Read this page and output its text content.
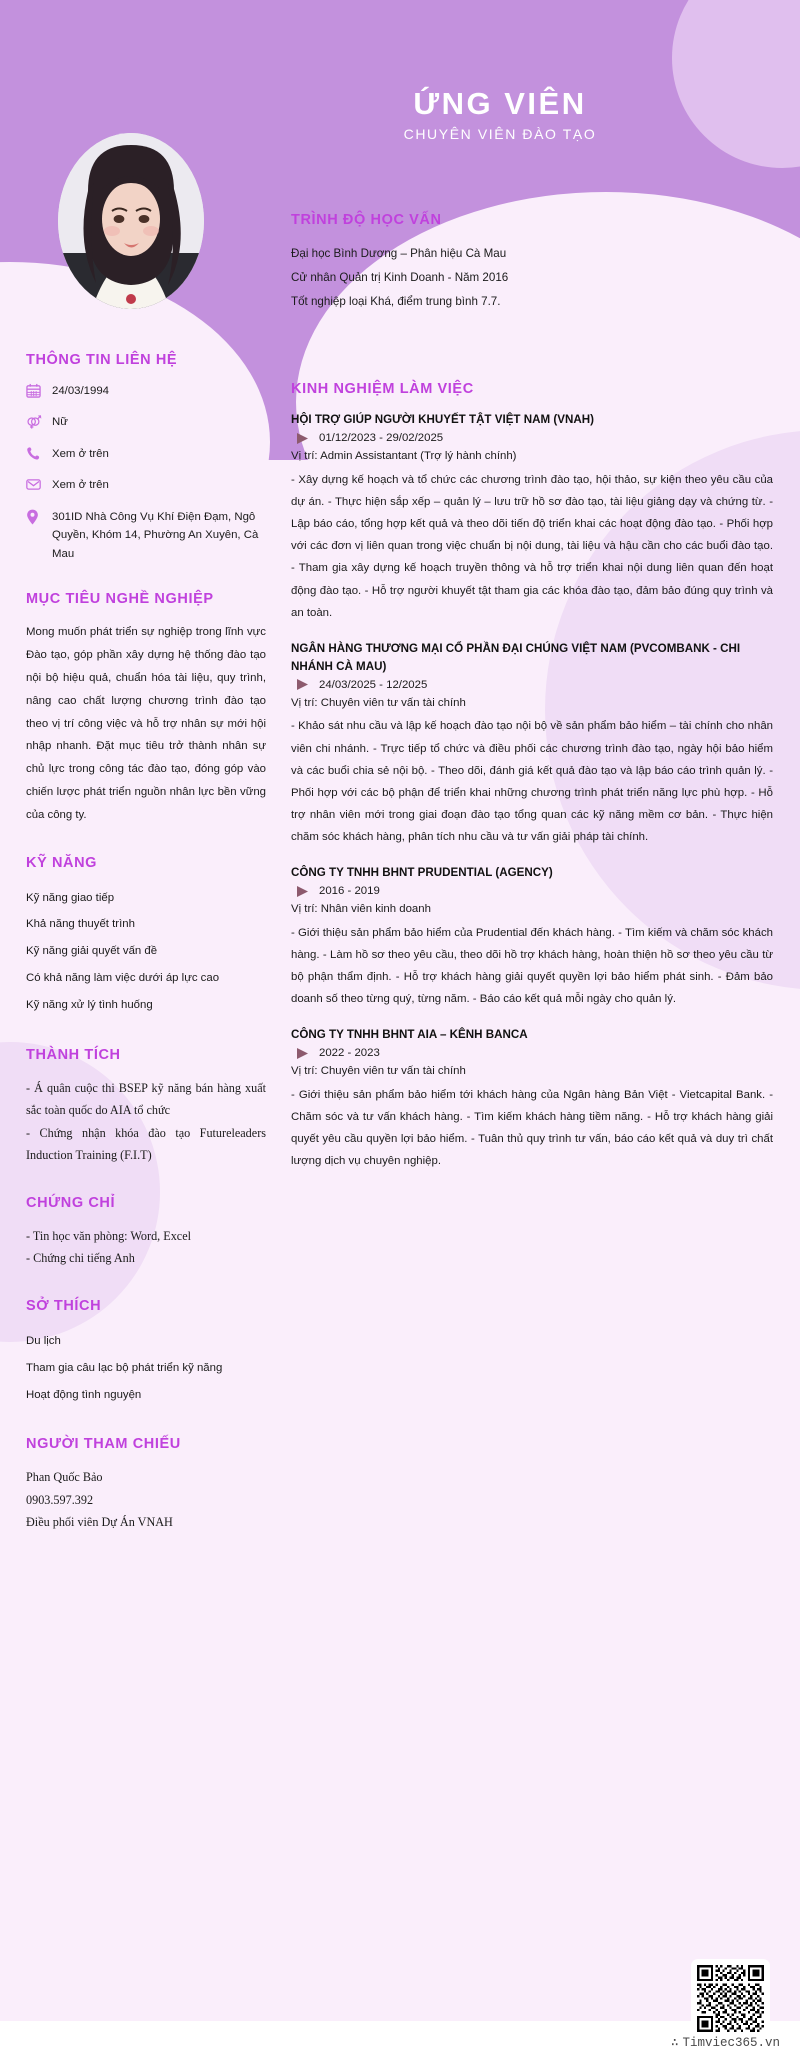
ỨNG VIÊN
CHUYÊN VIÊN ĐÀO TẠO
TRÌNH ĐỘ HỌC VẤN
Đại học Bình Dương – Phân hiệu Cà Mau
Cử nhân Quản trị Kinh Doanh - Năm 2016
Tốt nghiệp loại Khá, điểm trung bình 7.7.
KINH NGHIỆM LÀM VIỆC
HỘI TRỢ GIÚP NGƯỜI KHUYẾT TẬT VIỆT NAM (VNAH)
01/12/2023 - 29/02/2025
Vị trí: Admin Assistantant (Trợ lý hành chính)
- Xây dựng kế hoạch và tổ chức các chương trình đào tạo, hội thảo, sự kiện theo yêu cầu của dự án. - Thực hiện sắp xếp – quản lý – lưu trữ hồ sơ đào tạo, tài liệu giảng dạy và chứng từ. - Lập báo cáo, tổng hợp kết quả và theo dõi tiến độ triển khai các hoạt động đào tạo. - Phối hợp với các đơn vị liên quan trong việc chuẩn bị nội dung, tài liệu và hậu cần cho các buổi đào tạo. - Tham gia xây dựng kế hoạch truyền thông và hỗ trợ triển khai nội dung liên quan đến hoạt động đào tạo. - Hỗ trợ người khuyết tật tham gia các khóa đào tạo, đảm bảo đúng quy trình và an toàn.
NGÂN HÀNG THƯƠNG MẠI CỔ PHẦN ĐẠI CHÚNG VIỆT NAM (PVCOMBANK - CHI NHÁNH CÀ MAU)
24/03/2025 - 12/2025
Vị trí: Chuyên viên tư vấn tài chính
- Khảo sát nhu cầu và lập kế hoạch đào tạo nội bộ về sản phẩm bảo hiểm – tài chính cho nhân viên chi nhánh. - Trực tiếp tổ chức và điều phối các chương trình đào tạo, ngày hội bảo hiểm và các buổi chia sẻ nội bộ. - Theo dõi, đánh giá kết quả đào tạo và lập báo cáo trình quản lý. - Phối hợp với các bộ phận để triển khai những chương trình phát triển năng lực phù hợp. - Hỗ trợ nhân viên mới trong giai đoạn đào tạo tổng quan các kỹ năng mềm cơ bản. - Thực hiện chăm sóc khách hàng, phân tích nhu cầu và tư vấn giải pháp tài chính.
CÔNG TY TNHH BHNT PRUDENTIAL (AGENCY)
2016 - 2019
Vị trí: Nhân viên kinh doanh
- Giới thiệu sản phẩm bảo hiểm của Prudential đến khách hàng. - Tìm kiếm và chăm sóc khách hàng. - Làm hồ sơ theo yêu cầu, theo dõi hồ trợ khách hàng, hoàn thiện hồ sơ theo yêu cầu từ bộ phận thẩm định. - Hỗ trợ khách hàng giải quyết quyền lợi bảo hiểm phát sinh. - Đảm bảo doanh số theo từng quý, từng năm. - Báo cáo kết quả mỗi ngày cho quản lý.
CÔNG TY TNHH BHNT AIA – KÊNH BANCA
2022 - 2023
Vị trí: Chuyên viên tư vấn tài chính
- Giới thiệu sản phẩm bảo hiểm tới khách hàng của Ngân hàng Bản Việt - Vietcapital Bank. - Chăm sóc và tư vấn khách hàng. - Tìm kiếm khách hàng tiềm năng. - Hỗ trợ khách hàng giải quyết yêu cầu quyền lợi bảo hiểm. - Tuân thủ quy trình tư vấn, báo cáo kết quả và duy trì chất lượng dịch vụ chuyên nghiệp.
THÔNG TIN LIÊN HỆ
24/03/1994
Nữ
Xem ở trên
Xem ở trên
301ID Nhà Công Vụ Khí Điện Đạm, Ngô Quyền, Khóm 14, Phường An Xuyên, Cà Mau
MỤC TIÊU NGHỀ NGHIỆP
Mong muốn phát triển sự nghiệp trong lĩnh vực Đào tạo, góp phần xây dựng hệ thống đào tạo nội bộ hiệu quả, chuẩn hóa tài liệu, quy trình, nâng cao chất lượng chương trình đào tạo theo vị trí công việc và hỗ trợ nhân sự mới hội nhập nhanh. Đặt mục tiêu trở thành nhân sự chủ lực trong công tác đào tạo, đóng góp vào chiến lược phát triển nguồn nhân lực bền vững của công ty.
KỸ NĂNG
Kỹ năng giao tiếp
Khả năng thuyết trình
Kỹ năng giải quyết vấn đề
Có khả năng làm việc dưới áp lực cao
Kỹ năng xử lý tình huống
THÀNH TÍCH
- Á quân cuộc thi BSEP kỹ năng bán hàng xuất sắc toàn quốc do AIA tổ chức
- Chứng nhận khóa đào tạo Futureleaders Induction Training (F.I.T)
CHỨNG CHỈ
- Tin học văn phòng: Word, Excel
- Chứng chi tiếng Anh
SỞ THÍCH
Du lịch
Tham gia câu lạc bộ phát triển kỹ năng
Hoạt động tình nguyện
NGƯỜI THAM CHIẾU
Phan Quốc Bảo
0903.597.392
Điều phối viên Dự Án VNAH
∴ Timviec365.vn
